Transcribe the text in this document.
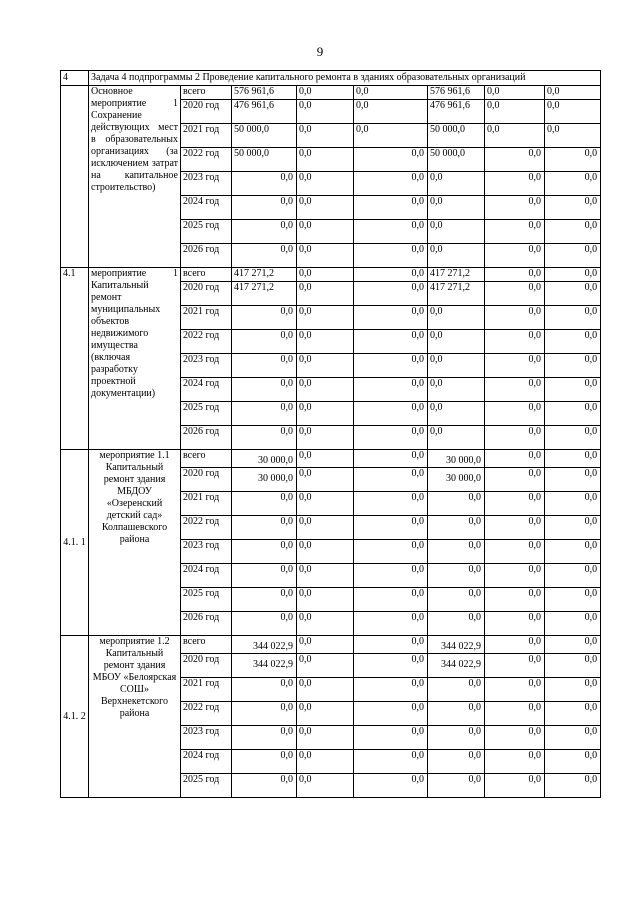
9
4	Задача 4 подпрограммы 2 Проведение капитального ремонта в зданиях образовательных организаций							
	Основное мероприятие 1 Сохранение действующих мест в образовательных организациях (за исключением затрат на капитальное строительство)	всего	576 961,6	0,0	0,0	576 961,6	0,0	0,0
		2020 год	476 961,6	0,0	0,0	476 961,6	0,0	0,0
		2021 год	50 000,0	0,0	0,0	50 000,0	0,0	0,0
		2022 год	50 000,0	0,0	0,0	50 000,0	0,0	0,0
		2023 год	0,0	0,0	0,0	0,0	0,0	0,0
		2024 год	0,0	0,0	0,0	0,0	0,0	0,0
		2025 год	0,0	0,0	0,0	0,0	0,0	0,0
		2026 год	0,0	0,0	0,0	0,0	0,0	0,0
4.1	мероприятие 1 Капитальный ремонт муниципальных объектов недвижимого имущества (включая разработку проектной документации)	всего	417 271,2	0,0	0,0	417 271,2	0,0	0,0
		2020 год	417 271,2	0,0	0,0	417 271,2	0,0	0,0
		2021 год	0,0	0,0	0,0	0,0	0,0	0,0
		2022 год	0,0	0,0	0,0	0,0	0,0	0,0
		2023 год	0,0	0,0	0,0	0,0	0,0	0,0
		2024 год	0,0	0,0	0,0	0,0	0,0	0,0
		2025 год	0,0	0,0	0,0	0,0	0,0	0,0
		2026 год	0,0	0,0	0,0	0,0	0,0	0,0
4.1. 1	мероприятие 1.1 Капитальный ремонт здания МБДОУ «Озеренский детский сад» Колпашевского района	всего	30 000,0	0,0	0,0	30 000,0	0,0	0,0
		2020 год	30 000,0	0,0	0,0	30 000,0	0,0	0,0
		2021 год	0,0	0,0	0,0	0,0	0,0	0,0
		2022 год	0,0	0,0	0,0	0,0	0,0	0,0
		2023 год	0,0	0,0	0,0	0,0	0,0	0,0
		2024 год	0,0	0,0	0,0	0,0	0,0	0,0
		2025 год	0,0	0,0	0,0	0,0	0,0	0,0
		2026 год	0,0	0,0	0,0	0,0	0,0	0,0
4.1. 2	мероприятие 1.2 Капитальный ремонт здания МБОУ «Белоярская СОШ» Верхнекетского района	всего	344 022,9	0,0	0,0	344 022,9	0,0	0,0
		2020 год	344 022,9	0,0	0,0	344 022,9	0,0	0,0
		2021 год	0,0	0,0	0,0	0,0	0,0	0,0
		2022 год	0,0	0,0	0,0	0,0	0,0	0,0
		2023 год	0,0	0,0	0,0	0,0	0,0	0,0
		2024 год	0,0	0,0	0,0	0,0	0,0	0,0
		2025 год	0,0	0,0	0,0	0,0	0,0	0,0
